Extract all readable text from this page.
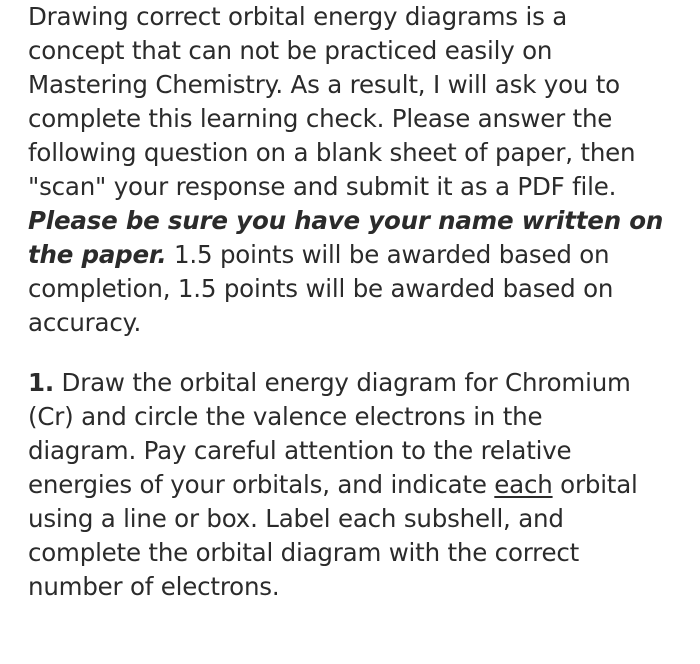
Drawing correct orbital energy diagrams is a
concept that can not be practiced easily on
Mastering Chemistry. As a result, I will ask you to
complete this learning check. Please answer the
following question on a blank sheet of paper, then
"scan" your response and submit it as a PDF file.
Please be sure you have your name written on
the paper. 1.5 points will be awarded based on
completion, 1.5 points will be awarded based on
accuracy.

1. Draw the orbital energy diagram for Chromium
(Cr) and circle the valence electrons in the
diagram. Pay careful attention to the relative
energies of your orbitals, and indicate each orbital
using a line or box. Label each subshell, and
complete the orbital diagram with the correct
number of electrons.
